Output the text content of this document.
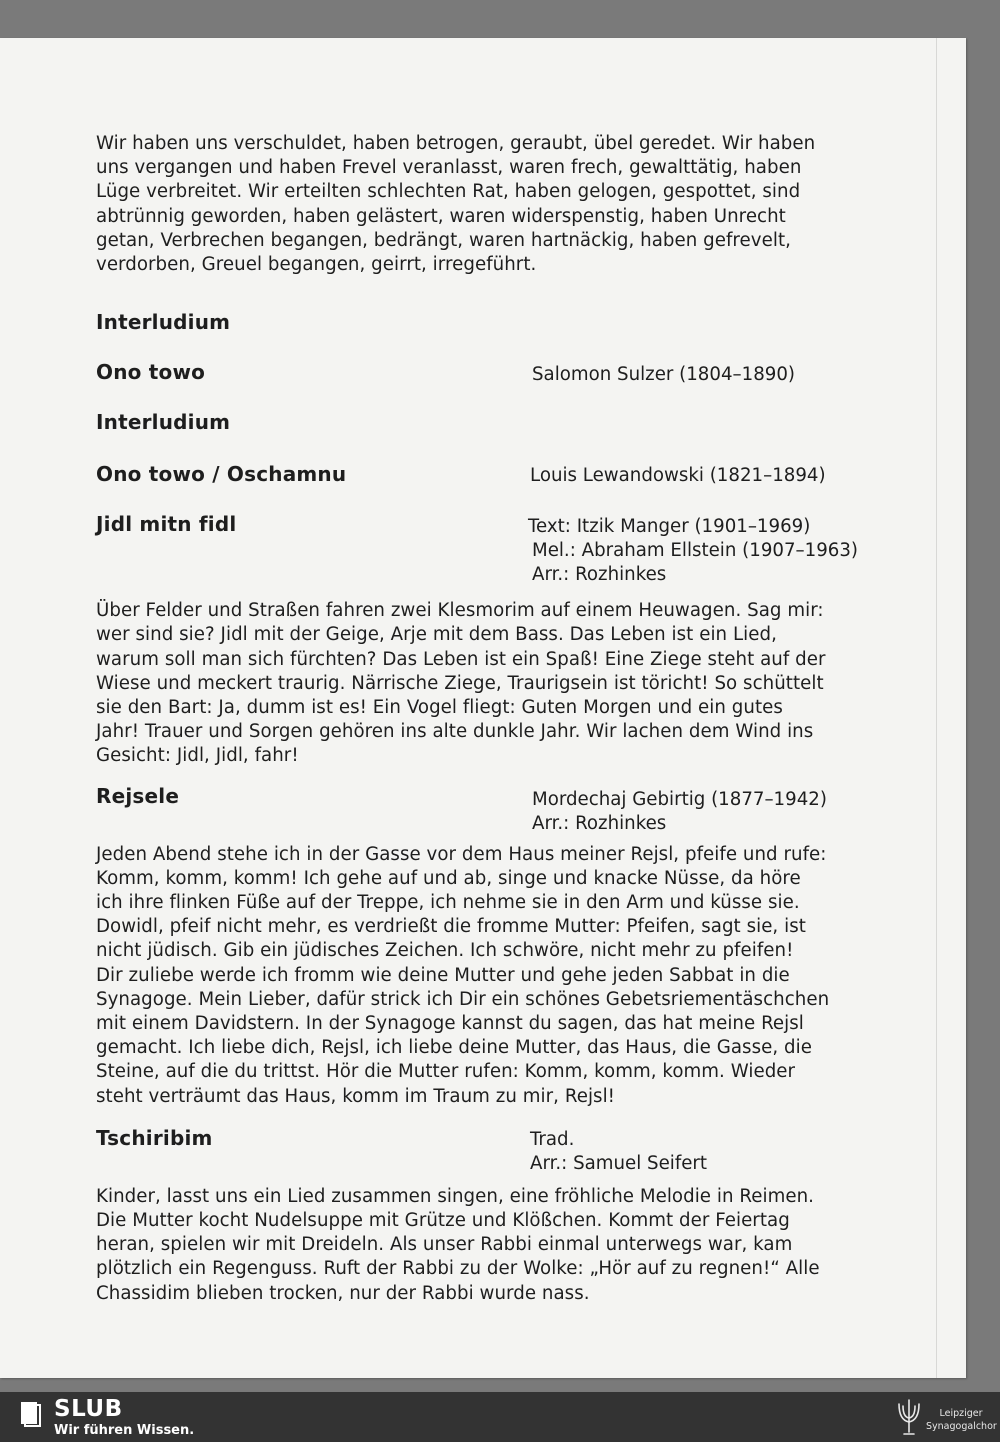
Wir haben uns verschuldet, haben betrogen, geraubt, übel geredet. Wir haben
uns vergangen und haben Frevel veranlasst, waren frech, gewalttätig, haben
Lüge verbreitet. Wir erteilten schlechten Rat, haben gelogen, gespottet, sind
abtrünnig geworden, haben gelästert, waren widerspenstig, haben Unrecht
getan, Verbrechen begangen, bedrängt, waren hartnäckig, haben gefrevelt,
verdorben, Greuel begangen, geirrt, irregeführt.

Interludium
Ono towo	Salomon Sulzer (1804–1890)
Interludium
Ono towo / Oschamnu	Louis Lewandowski (1821–1894)
Jidl mitn fidl	Text: Itzik Manger (1901–1969)
Mel.: Abraham Ellstein (1907–1963)
Arr.: Rozhinkes

Über Felder und Straßen fahren zwei Klesmorim auf einem Heuwagen. Sag mir:
wer sind sie? Jidl mit der Geige, Arje mit dem Bass. Das Leben ist ein Lied,
warum soll man sich fürchten? Das Leben ist ein Spaß! Eine Ziege steht auf der
Wiese und meckert traurig. Närrische Ziege, Traurigsein ist töricht! So schüttelt
sie den Bart: Ja, dumm ist es! Ein Vogel fliegt: Guten Morgen und ein gutes
Jahr! Trauer und Sorgen gehören ins alte dunkle Jahr. Wir lachen dem Wind ins
Gesicht: Jidl, Jidl, fahr!

Rejsele	Mordechaj Gebirtig (1877–1942)
Arr.: Rozhinkes

Jeden Abend stehe ich in der Gasse vor dem Haus meiner Rejsl, pfeife und rufe:
Komm, komm, komm! Ich gehe auf und ab, singe und knacke Nüsse, da höre
ich ihre flinken Füße auf der Treppe, ich nehme sie in den Arm und küsse sie.
Dowidl, pfeif nicht mehr, es verdrießt die fromme Mutter: Pfeifen, sagt sie, ist
nicht jüdisch. Gib ein jüdisches Zeichen. Ich schwöre, nicht mehr zu pfeifen!
Dir zuliebe werde ich fromm wie deine Mutter und gehe jeden Sabbat in die
Synagoge. Mein Lieber, dafür strick ich Dir ein schönes Gebetsriementäschchen
mit einem Davidstern. In der Synagoge kannst du sagen, das hat meine Rejsl
gemacht. Ich liebe dich, Rejsl, ich liebe deine Mutter, das Haus, die Gasse, die
Steine, auf die du trittst. Hör die Mutter rufen: Komm, komm, komm. Wieder
steht verträumt das Haus, komm im Traum zu mir, Rejsl!

Tschiribim	Trad.
Arr.: Samuel Seifert

Kinder, lasst uns ein Lied zusammen singen, eine fröhliche Melodie in Reimen.
Die Mutter kocht Nudelsuppe mit Grütze und Klößchen. Kommt der Feiertag
heran, spielen wir mit Dreideln. Als unser Rabbi einmal unterwegs war, kam
plötzlich ein Regenguss. Ruft der Rabbi zu der Wolke: „Hör auf zu regnen!“ Alle
Chassidim blieben trocken, nur der Rabbi wurde nass.

SLUB
Wir führen Wissen.
Leipziger
Synagogalchor
